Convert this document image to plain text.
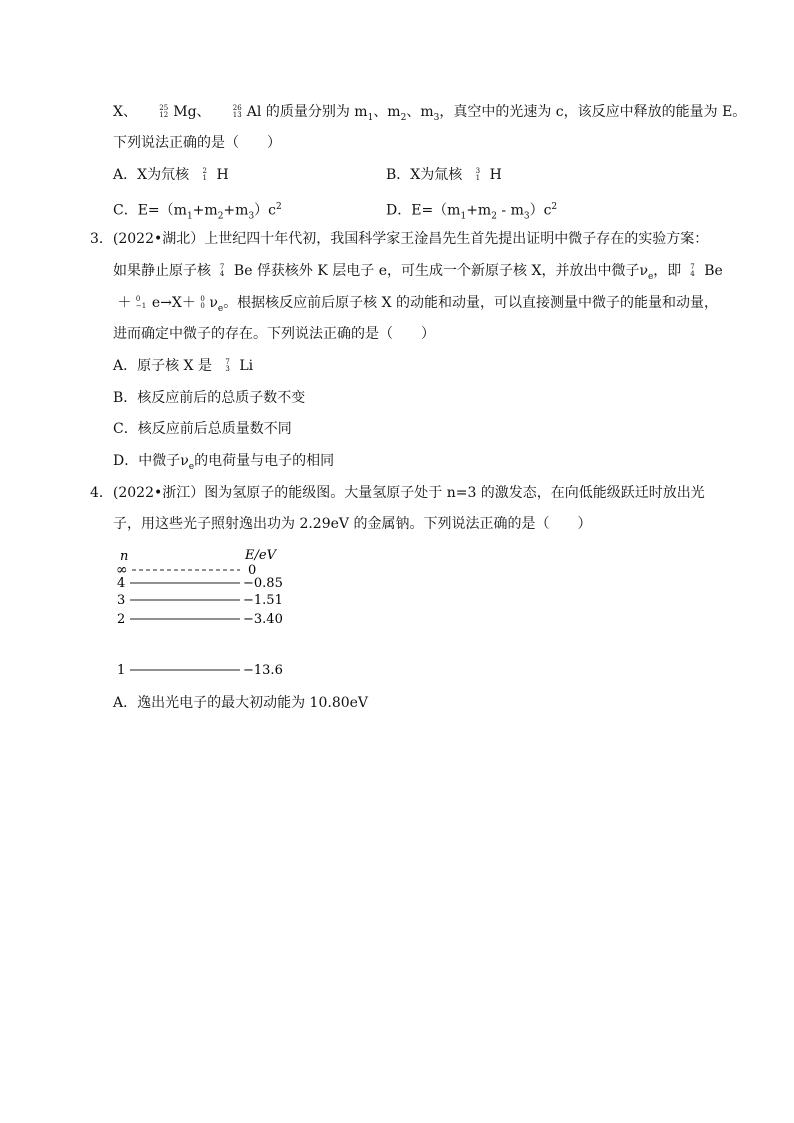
X、	25
12 Mg、	26
13 Al 的质量分别为 $m_1$、$m_2$、$m_3$，真空中的光速为 c，该反应中释放的能量为 E。
下列说法正确的是（　　）
A．X为氘核 2
1 H	B．X为氚核 3
1 H
C．$E=(m_1+m_2+m_3)c^2$	D．$E=(m_1+m_2 - m_3)c^2$
3．(2022•湖北）上世纪四十年代初，我国科学家王淦昌先生首先提出证明中微子存在的实验方案：
如果静止原子核 7
4 Be 俘获核外 K 层电子 e，可生成一个新原子核 X，并放出中微子$\nu_e$，即 7
4 Be
＋ 0
−1 e→X＋ 0
0 $\nu_e$。根据核反应前后原子核 X 的动能和动量，可以直接测量中微子的能量和动量，
进而确定中微子的存在。下列说法正确的是（　　）
A．原子核 X 是 7
3 Li
B．核反应前后的总质子数不变
C．核反应前后总质量数不同
D．中微子$\nu_e$的电荷量与电子的相同
4．(2022•浙江）图为氢原子的能级图。大量氢原子处于 n=3 的激发态，在向低能级跃迁时放出光
子，用这些光子照射逸出功为 2.29eV 的金属钠。下列说法正确的是（　　）
n	E/eV
∞	0
4	−0.85
3	−1.51
2	−3.40
1	−13.6
A．逸出光电子的最大初动能为 10.80eV
